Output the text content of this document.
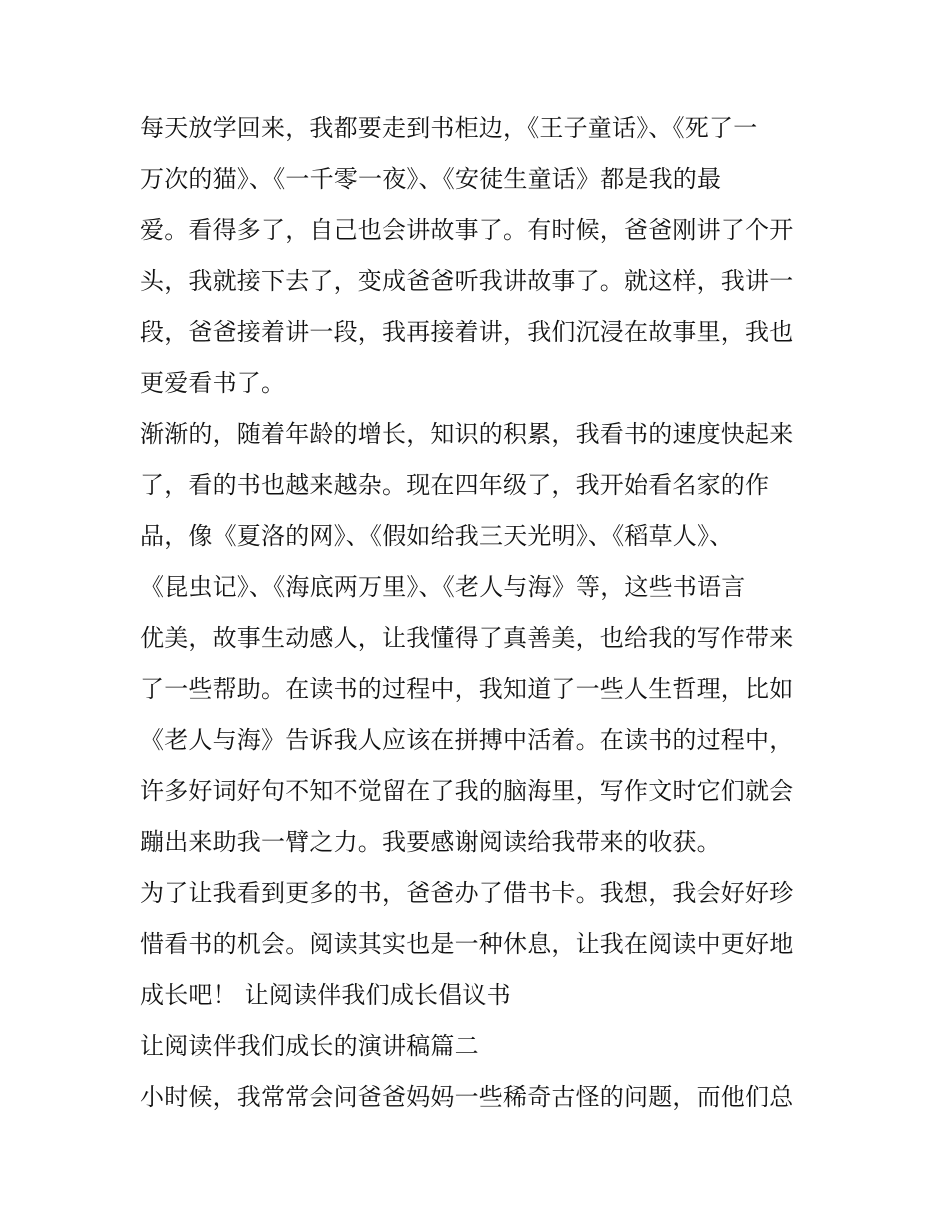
每天放学回来，我都要走到书柜边，《王子童话》、《死了一
万次的猫》、《一千零一夜》、《安徒生童话》都是我的最
爱。看得多了，自己也会讲故事了。有时候，爸爸刚讲了个开
头，我就接下去了，变成爸爸听我讲故事了。就这样，我讲一
段，爸爸接着讲一段，我再接着讲，我们沉浸在故事里，我也
更爱看书了。
渐渐的，随着年龄的增长，知识的积累，我看书的速度快起来
了，看的书也越来越杂。现在四年级了，我开始看名家的作
品，像《夏洛的网》、《假如给我三天光明》、《稻草人》、
《昆虫记》、《海底两万里》、《老人与海》等，这些书语言
优美，故事生动感人，让我懂得了真善美，也给我的写作带来
了一些帮助。在读书的过程中，我知道了一些人生哲理，比如
《老人与海》告诉我人应该在拼搏中活着。在读书的过程中，
许多好词好句不知不觉留在了我的脑海里，写作文时它们就会
蹦出来助我一臂之力。我要感谢阅读给我带来的收获。
为了让我看到更多的书，爸爸办了借书卡。我想，我会好好珍
惜看书的机会。阅读其实也是一种休息，让我在阅读中更好地
成长吧！ 让阅读伴我们成长倡议书
让阅读伴我们成长的演讲稿篇二
小时候，我常常会问爸爸妈妈一些稀奇古怪的问题，而他们总
